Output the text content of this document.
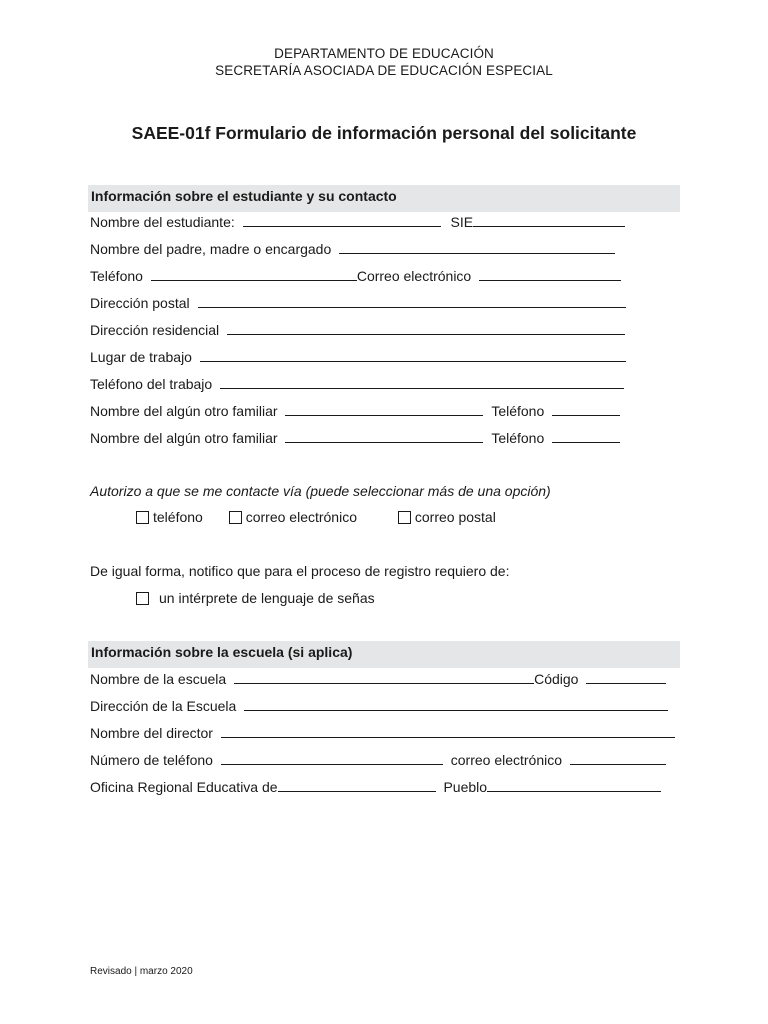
DEPARTAMENTO DE EDUCACIÓN
SECRETARÍA ASOCIADA DE EDUCACIÓN ESPECIAL
SAEE-01f Formulario de información personal del solicitante
Información sobre el estudiante y su contacto
Nombre del estudiante:	SIE
Nombre del padre, madre o encargado
Teléfono	Correo electrónico
Dirección postal
Dirección residencial
Lugar de trabajo
Teléfono del trabajo
Nombre del algún otro familiar	Teléfono
Nombre del algún otro familiar	Teléfono
Autorizo a que se me contacte vía (puede seleccionar más de una opción)
teléfono	correo electrónico	correo postal
De igual forma, notifico que para el proceso de registro requiero de:
un intérprete de lenguaje de señas
Información sobre la escuela (si aplica)
Nombre de la escuela	Código
Dirección de la Escuela
Nombre del director
Número de teléfono	correo electrónico
Oficina Regional Educativa de	Pueblo
Revisado | marzo 2020
